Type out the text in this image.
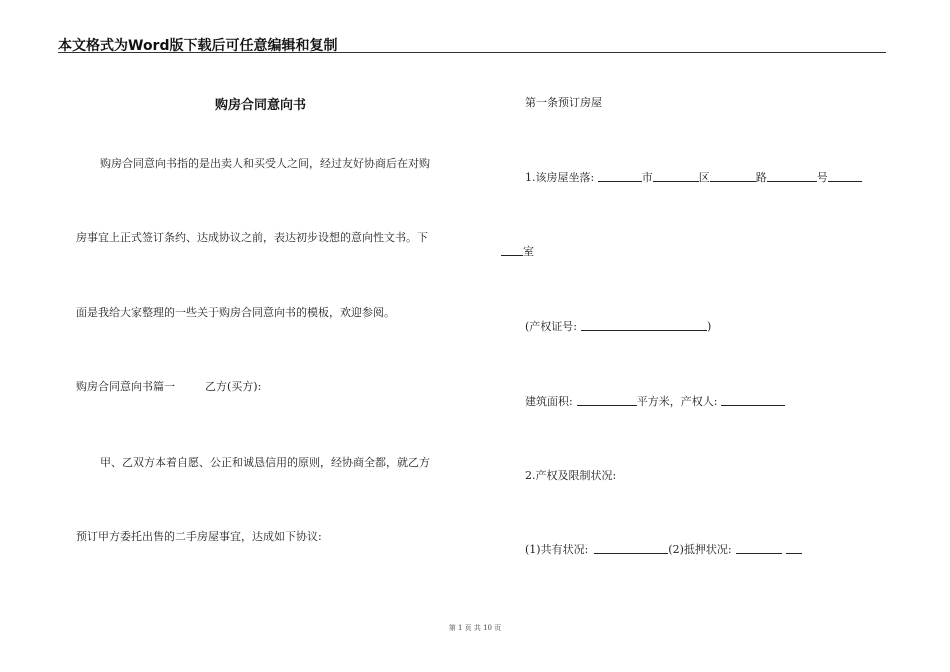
本文格式为Word版下载后可任意编辑和复制
购房合同意向书
购房合同意向书指的是出卖人和买受人之间，经过友好协商后在对购
房事宜上正式签订条约、达成协议之前，表达初步设想的意向性文书。下
面是我给大家整理的一些关于购房合同意向书的模板，欢迎参阅。
购房合同意向书篇一	乙方(买方):
甲、乙双方本着自愿、公正和诚恳信用的原则，经协商全都，就乙方
预订甲方委托出售的二手房屋事宜，达成如下协议:
第一条预订房屋
1.该房屋坐落:	市	区	路	号
室
(产权证号:	)
建筑面积:	平方米，产权人:
2.产权及限制状况:
(1)共有状况:	(2)抵押状况:
第 1 页 共 10 页
